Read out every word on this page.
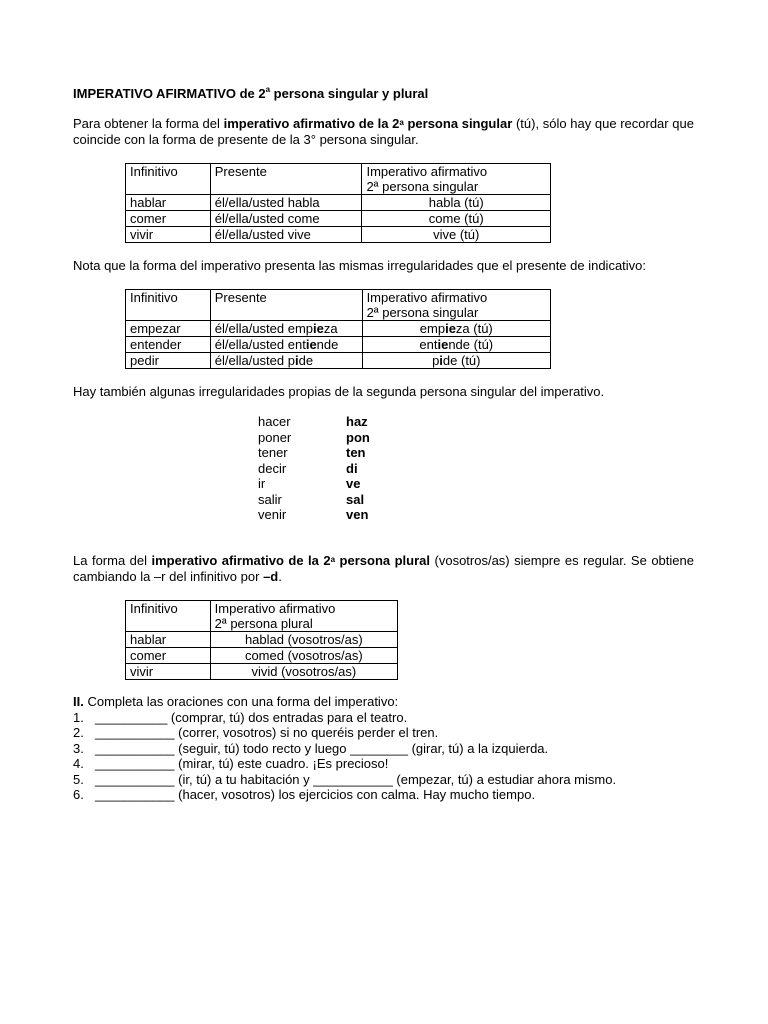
IMPERATIVO AFIRMATIVO de 2$^a$ persona singular y plural
Para obtener la forma del imperativo afirmativo de la 2$^a$ persona singular (tú), sólo hay que recordar que coincide con la forma de presente de la 3° persona singular.
Infinitivo	Presente	Imperativo afirmativo
2ª persona singular
hablar	él/ella/usted habla	habla (tú)
comer	él/ella/usted come	come (tú)
vivir	él/ella/usted vive	vive (tú)
Nota que la forma del imperativo presenta las mismas irregularidades que el presente de indicativo:
Infinitivo	Presente	Imperativo afirmativo
2ª persona singular
empezar	él/ella/usted empieza	empieza (tú)
entender	él/ella/usted entiende	entiende (tú)
pedir	él/ella/usted pide	pide (tú)
Hay también algunas irregularidades propias de la segunda persona singular del imperativo.
hacer	haz
poner	pon
tener	ten
decir	di
ir	ve
salir	sal
venir	ven
La forma del imperativo afirmativo de la 2$^a$ persona plural (vosotros/as) siempre es regular. Se obtiene cambiando la –r del infinitivo por –d.
Infinitivo	Imperativo afirmativo
2ª persona plural
hablar	hablad (vosotros/as)
comer	comed (vosotros/as)
vivir	vivid (vosotros/as)
II. Completa las oraciones con una forma del imperativo:
1. __________ (comprar, tú) dos entradas para el teatro.
2. ___________ (correr, vosotros) si no queréis perder el tren.
3. ___________ (seguir, tú) todo recto y luego ________ (girar, tú) a la izquierda.
4. ___________ (mirar, tú) este cuadro. ¡Es precioso!
5. ___________ (ir, tú) a tu habitación y ___________ (empezar, tú) a estudiar ahora mismo.
6. ___________ (hacer, vosotros) los ejercicios con calma. Hay mucho tiempo.
